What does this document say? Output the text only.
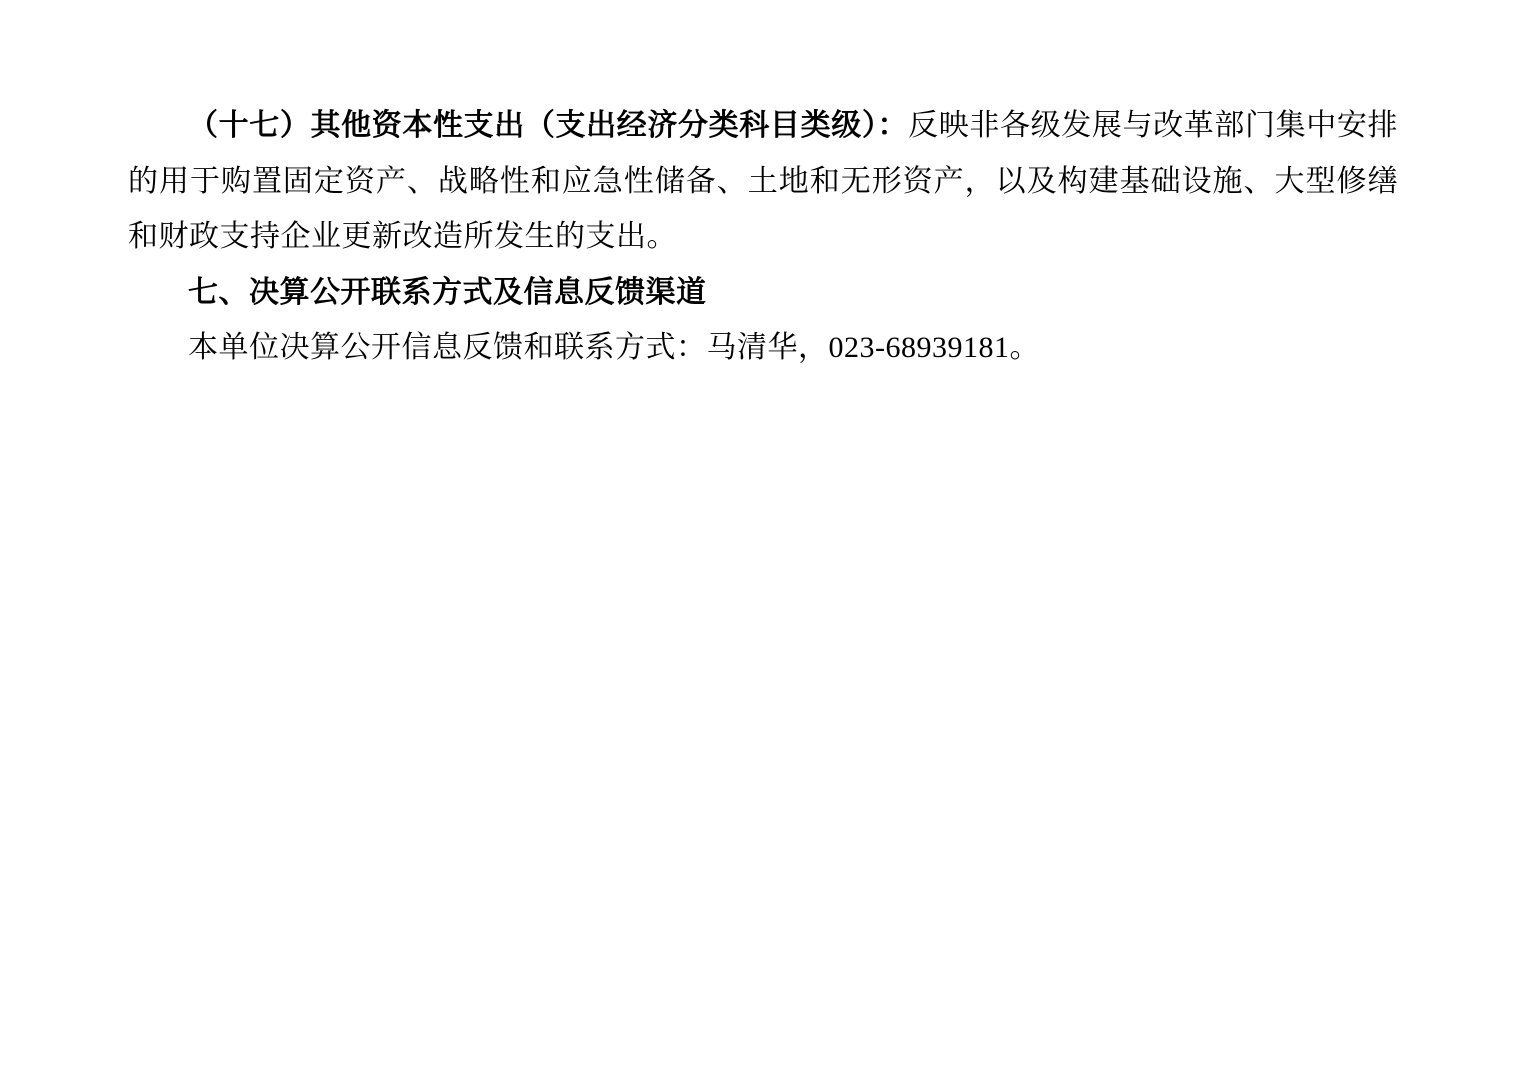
（十七）其他资本性支出（支出经济分类科目类级）：反映非各级发展与改革部门集中安排的用于购置固定资产、战略性和应急性储备、土地和无形资产，以及构建基础设施、大型修缮和财政支持企业更新改造所发生的支出。

七、决算公开联系方式及信息反馈渠道

本单位决算公开信息反馈和联系方式：马清华，023-68939181。
